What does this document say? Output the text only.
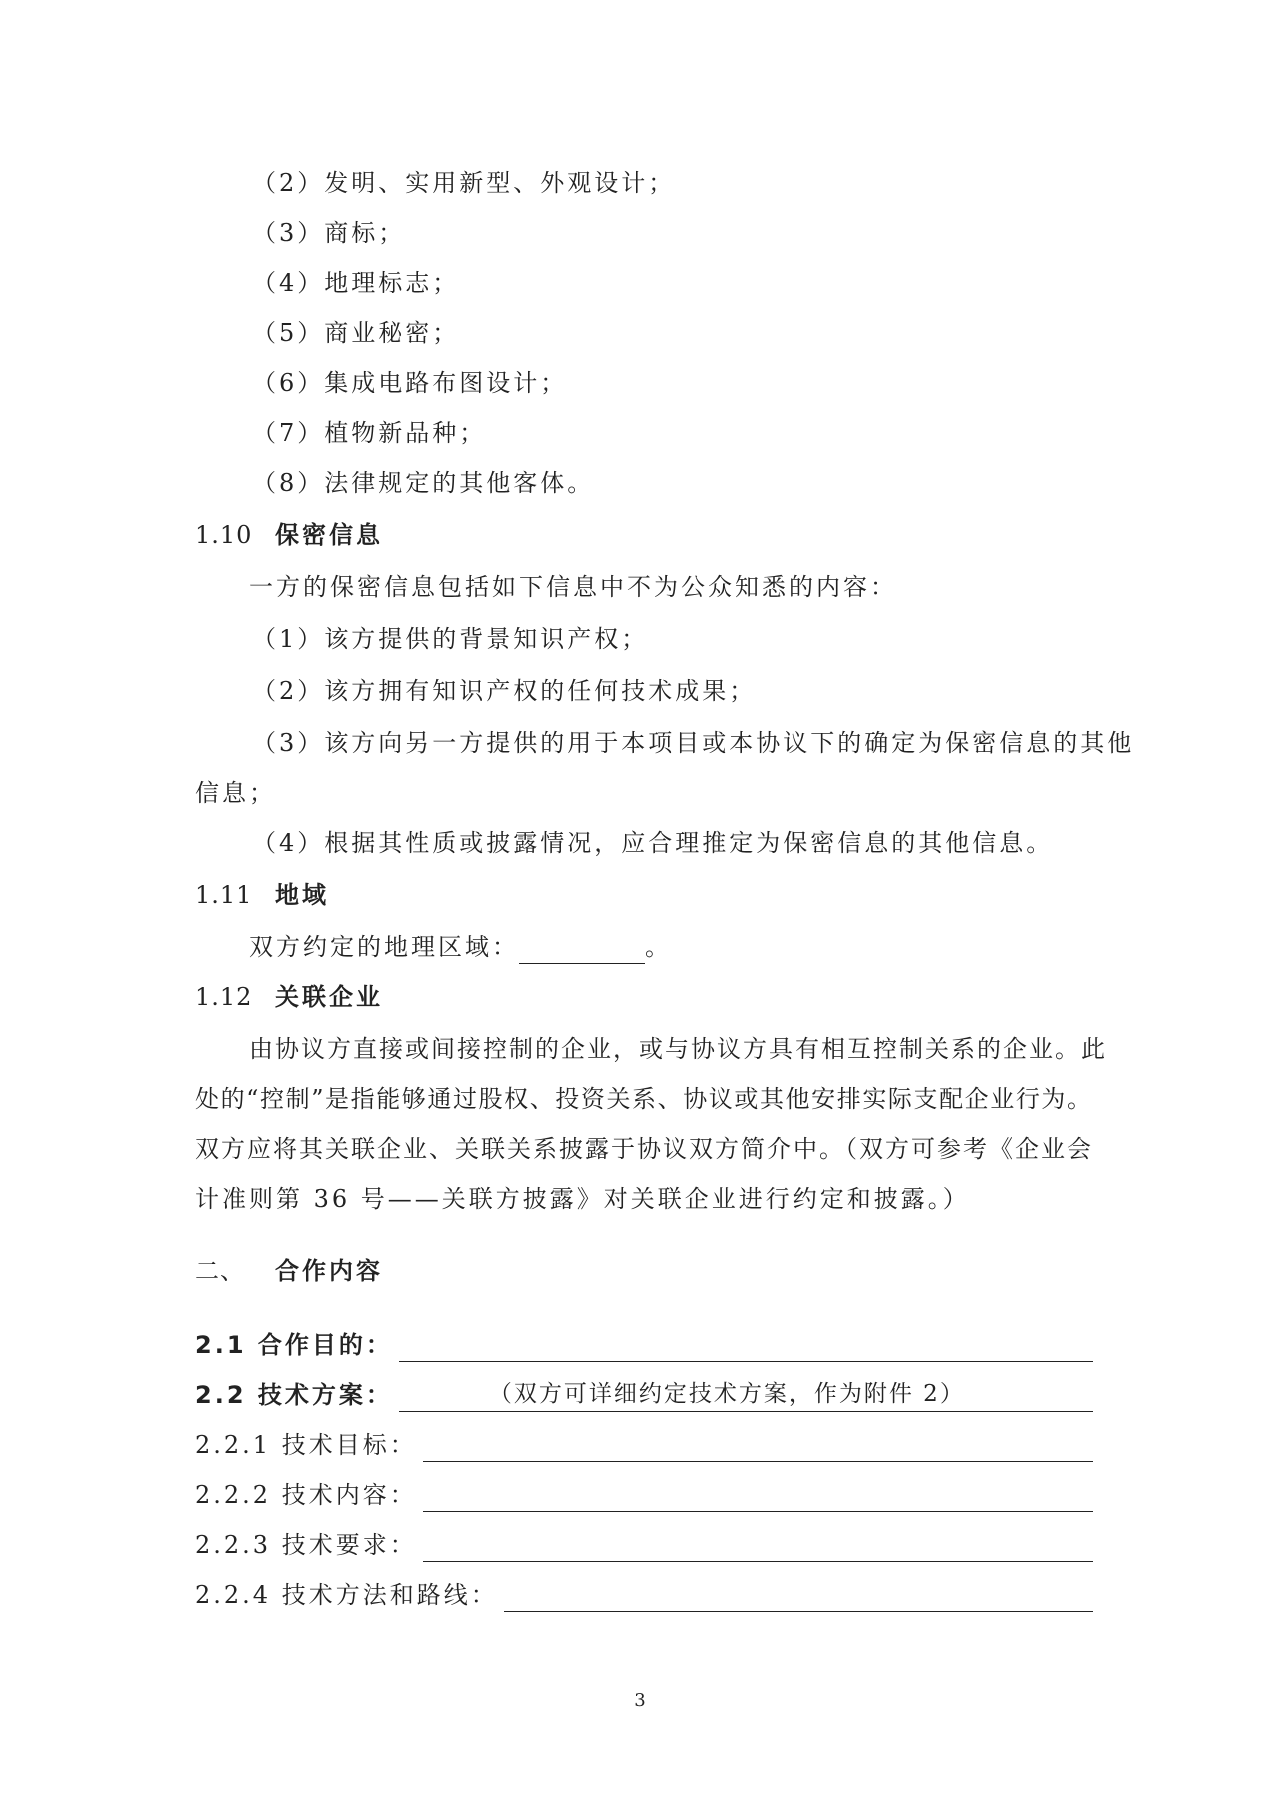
（2）发明、实用新型、外观设计；
（3）商标；
（4）地理标志；
（5）商业秘密；
（6）集成电路布图设计；
（7）植物新品种；
（8）法律规定的其他客体。
1.10 保密信息
一方的保密信息包括如下信息中不为公众知悉的内容：
（1）该方提供的背景知识产权；
（2）该方拥有知识产权的任何技术成果；
（3）该方向另一方提供的用于本项目或本协议下的确定为保密信息的其他
信息；
（4）根据其性质或披露情况，应合理推定为保密信息的其他信息。
1.11 地域
双方约定的地理区域：	。
1.12 关联企业
由协议方直接或间接控制的企业，或与协议方具有相互控制关系的企业。此
处的“控制”是指能够通过股权、投资关系、协议或其他安排实际支配企业行为。
双方应将其关联企业、关联关系披露于协议双方简介中。（双方可参考《企业会
计准则第 36 号——关联方披露》对关联企业进行约定和披露。）
二、 合作内容
2.1 合作目的：
2.2 技术方案：	（双方可详细约定技术方案，作为附件 2）
2.2.1 技术目标：
2.2.2 技术内容：
2.2.3 技术要求：
2.2.4 技术方法和路线：
3
